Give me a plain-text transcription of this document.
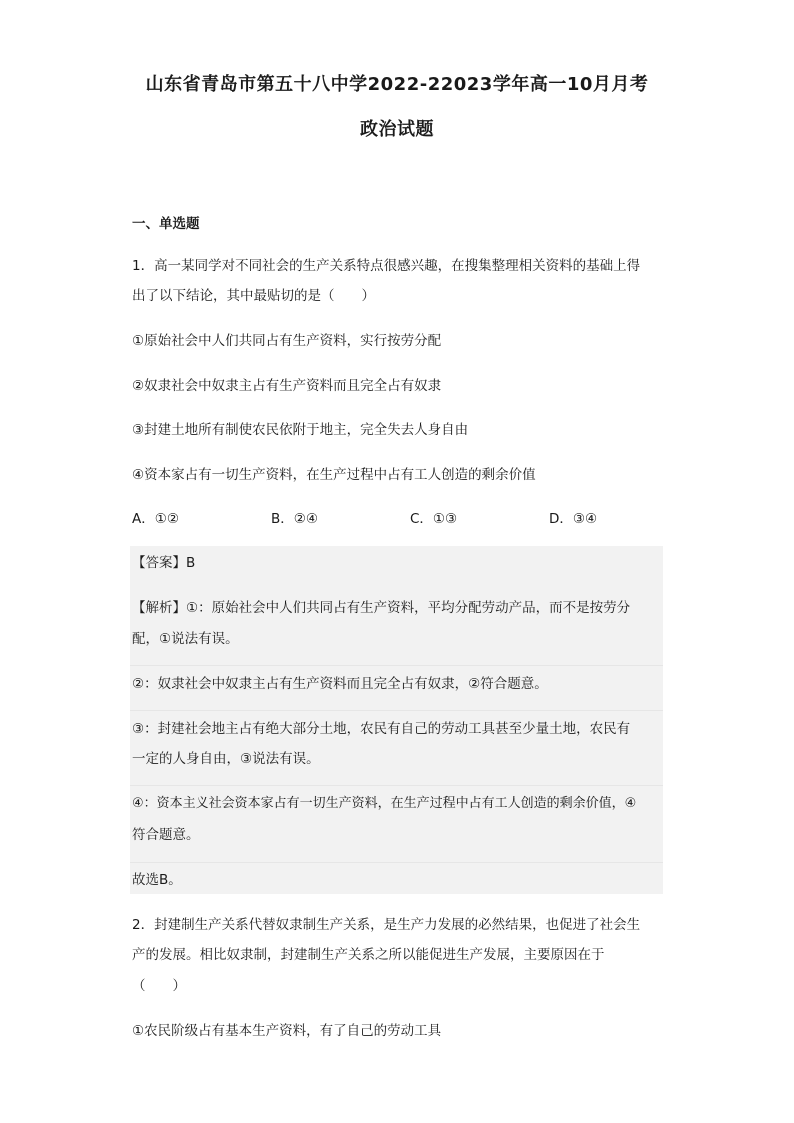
山东省青岛市第五十八中学2022-22023学年高一10月月考
政治试题
一、单选题
1．高一某同学对不同社会的生产关系特点很感兴趣，在搜集整理相关资料的基础上得
出了以下结论，其中最贴切的是（　　）
①原始社会中人们共同占有生产资料，实行按劳分配
②奴隶社会中奴隶主占有生产资料而且完全占有奴隶
③封建土地所有制使农民依附于地主，完全失去人身自由
④资本家占有一切生产资料，在生产过程中占有工人创造的剩余价值
A．①②	B．②④	C．①③	D．③④
【答案】B
【解析】①：原始社会中人们共同占有生产资料，平均分配劳动产品，而不是按劳分
配，①说法有误。
②：奴隶社会中奴隶主占有生产资料而且完全占有奴隶，②符合题意。
③：封建社会地主占有绝大部分土地，农民有自己的劳动工具甚至少量土地，农民有
一定的人身自由，③说法有误。
④：资本主义社会资本家占有一切生产资料，在生产过程中占有工人创造的剩余价值，④
符合题意。
故选B。
2．封建制生产关系代替奴隶制生产关系，是生产力发展的必然结果，也促进了社会生
产的发展。相比奴隶制，封建制生产关系之所以能促进生产发展，主要原因在于
（　　）
①农民阶级占有基本生产资料，有了自己的劳动工具
